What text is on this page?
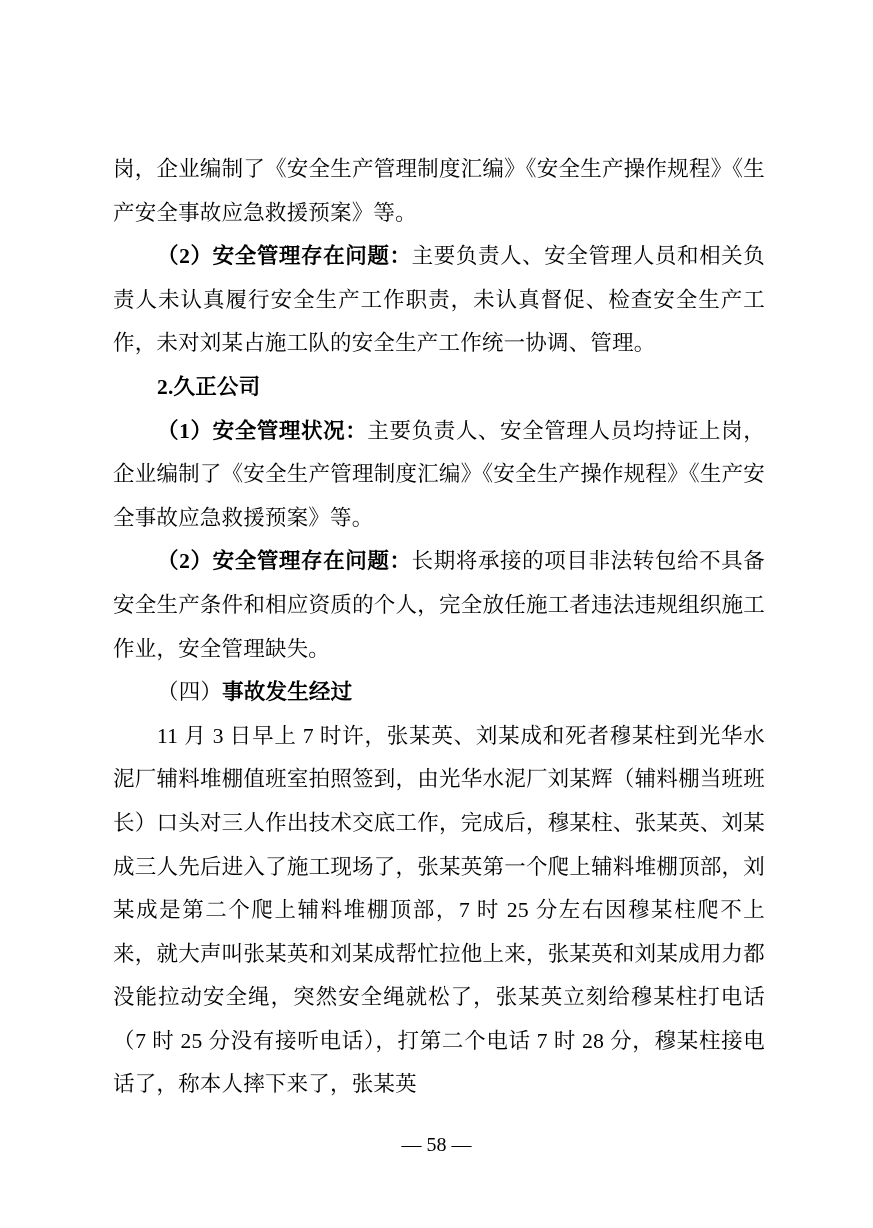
岗，企业编制了《安全生产管理制度汇编》《安全生产操作规程》《生产安全事故应急救援预案》等。

（2）安全管理存在问题：主要负责人、安全管理人员和相关负责人未认真履行安全生产工作职责，未认真督促、检查安全生产工作，未对刘某占施工队的安全生产工作统一协调、管理。

2.久正公司

（1）安全管理状况：主要负责人、安全管理人员均持证上岗，企业编制了《安全生产管理制度汇编》《安全生产操作规程》《生产安全事故应急救援预案》等。

（2）安全管理存在问题：长期将承接的项目非法转包给不具备安全生产条件和相应资质的个人，完全放任施工者违法违规组织施工作业，安全管理缺失。

（四）事故发生经过

11 月 3 日早上 7 时许，张某英、刘某成和死者穆某柱到光华水泥厂辅料堆棚值班室拍照签到，由光华水泥厂刘某辉（辅料棚当班班长）口头对三人作出技术交底工作，完成后，穆某柱、张某英、刘某成三人先后进入了施工现场了，张某英第一个爬上辅料堆棚顶部，刘某成是第二个爬上辅料堆棚顶部，7 时 25 分左右因穆某柱爬不上来，就大声叫张某英和刘某成帮忙拉他上来，张某英和刘某成用力都没能拉动安全绳，突然安全绳就松了，张某英立刻给穆某柱打电话（7 时 25 分没有接听电话），打第二个电话 7 时 28 分，穆某柱接电话了，称本人摔下来了，张某英

— 58 —
